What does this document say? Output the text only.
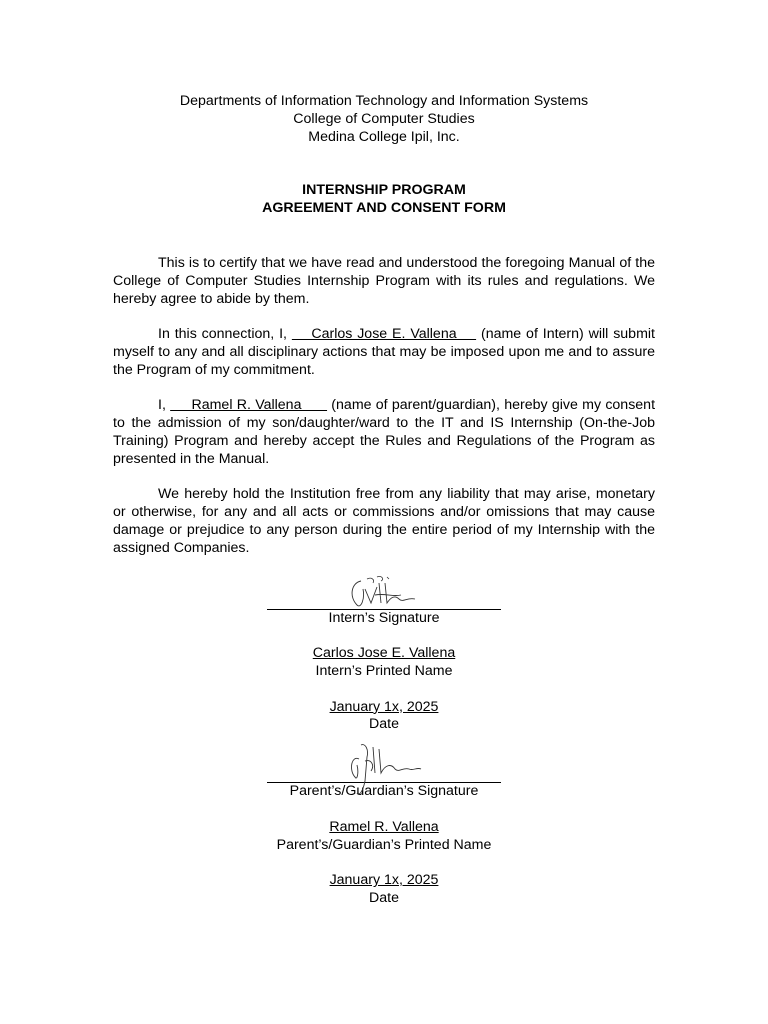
Departments of Information Technology and Information Systems
College of Computer Studies
Medina College Ipil, Inc.
INTERNSHIP PROGRAM
AGREEMENT AND CONSENT FORM

This is to certify that we have read and understood the foregoing Manual of the College of Computer Studies Internship Program with its rules and regulations. We hereby agree to abide by them.

In this connection, I,     Carlos Jose E. Vallena     (name of Intern) will submit myself to any and all disciplinary actions that may be imposed upon me and to assure the Program of my commitment.

I,      Ramel R. Vallena       (name of parent/guardian), hereby give my consent to the admission of my son/daughter/ward to the IT and IS Internship (On-the-Job Training) Program and hereby accept the Rules and Regulations of the Program as presented in the Manual.

We hereby hold the Institution free from any liability that may arise, monetary or otherwise, for any and all acts or commissions and/or omissions that may cause damage or prejudice to any person during the entire period of my Internship with the assigned Companies.

Intern’s Signature
Carlos Jose E. Vallena
Intern’s Printed Name
January 1x, 2025
Date
Parent’s/Guardian’s Signature
Ramel R. Vallena
Parent’s/Guardian’s Printed Name
January 1x, 2025
Date
